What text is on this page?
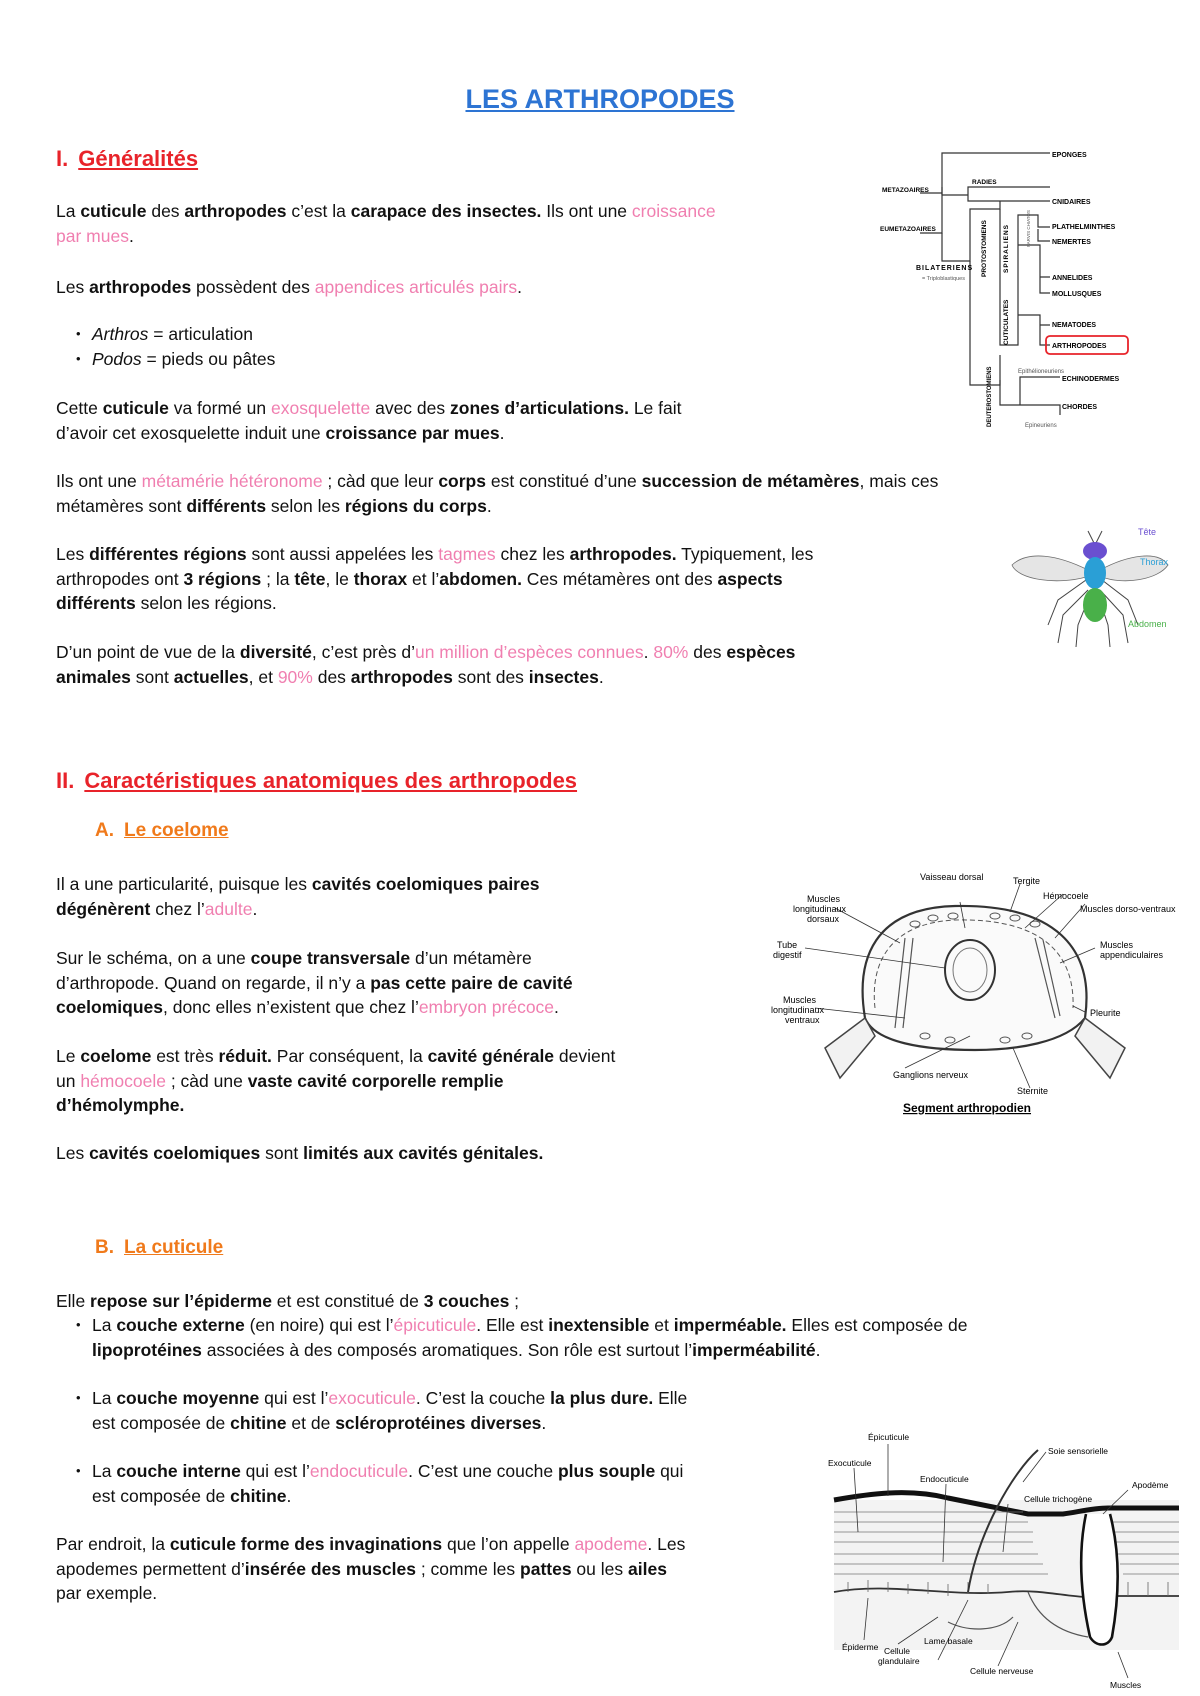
LES ARTHROPODES
I. Généralités

La cuticule des arthropodes c’est la carapace des insectes. Ils ont une croissance
par mues.

Les arthropodes possèdent des appendices articulés pairs.

• Arthros = articulation
• Podos = pieds ou pâtes

Cette cuticule va formé un exosquelette avec des zones d’articulations. Le fait
d’avoir cet exosquelette induit une croissance par mues.

Ils ont une métamérie hétéronome ; càd que leur corps est constitué d’une succession de métamères, mais ces
métamères sont différents selon les régions du corps.

Les différentes régions sont aussi appelées les tagmes chez les arthropodes. Typiquement, les
arthropodes ont 3 régions ; la tête, le thorax et l’abdomen. Ces métamères ont des aspects
différents selon les régions.

D’un point de vue de la diversité, c’est près d’un million d’espèces connues. 80% des espèces
animales sont actuelles, et 90% des arthropodes sont des insectes.

EPONGES
METAZOAIRES
RADIES
CNIDAIRES
EUMETAZOAIRES
BILATERIENS
= Triploblastiques
PROTOSTOMIENS SPIRALIENS
CUTICULATES
PARVIS CHIATOS	PLATHELMINTHES
NEMERTES
ANNELIDES
MOLLUSQUES
NEMATODES
ARTHROPODES
DEUTEROSTOMIENS	Epithélioneuriens
ECHINODERMES
CHORDES
Epineuriens
Tête
Thorax
Abdomen
II. Caractéristiques anatomiques des arthropodes
A. Le coelome

Il a une particularité, puisque les cavités coelomiques paires
dégénèrent chez l’adulte.

Sur le schéma, on a une coupe transversale d’un métamère
d’arthropode. Quand on regarde, il n’y a pas cette paire de cavité
coelomiques, donc elles n’existent que chez l’embryon précoce.

Le coelome est très réduit. Par conséquent, la cavité générale devient
un hémocoele ; càd une vaste cavité corporelle remplie
d’hémolymphe.

Les cavités coelomiques sont limités aux cavités génitales.

Vaisseau dorsal	Tergite
Hémocoele
Muscles dorso-ventraux
Muscles
longitudinaux
dorsaux
Tube
digestif
Muscles
appendiculaires
Muscles
longitudinaux
ventraux
Pleurite
Ganglions nerveux
Sternite
Segment arthropodien
B. La cuticule

Elle repose sur l’épiderme et est constitué de 3 couches ;

• La couche externe (en noire) qui est l’épicuticule. Elle est inextensible et imperméable. Elles est composée de
lipoprotéines associées à des composés aromatiques. Son rôle est surtout l’imperméabilité.
• La couche moyenne qui est l’exocuticule. C’est la couche la plus dure. Elle
est composée de chitine et de scléroprotéines diverses.
• La couche interne qui est l’endocuticule. C’est une couche plus souple qui
est composée de chitine.

Par endroit, la cuticule forme des invaginations que l’on appelle apodeme. Les
apodemes permettent d’insérée des muscles ; comme les pattes ou les ailes
par exemple.

Épicuticule
Exocuticule
Endocuticule
Soie sensorielle
Cellule trichogène
Apodème
Épiderme Cellule
glandulaire
Lame basale
Cellule nerveuse
Muscles
